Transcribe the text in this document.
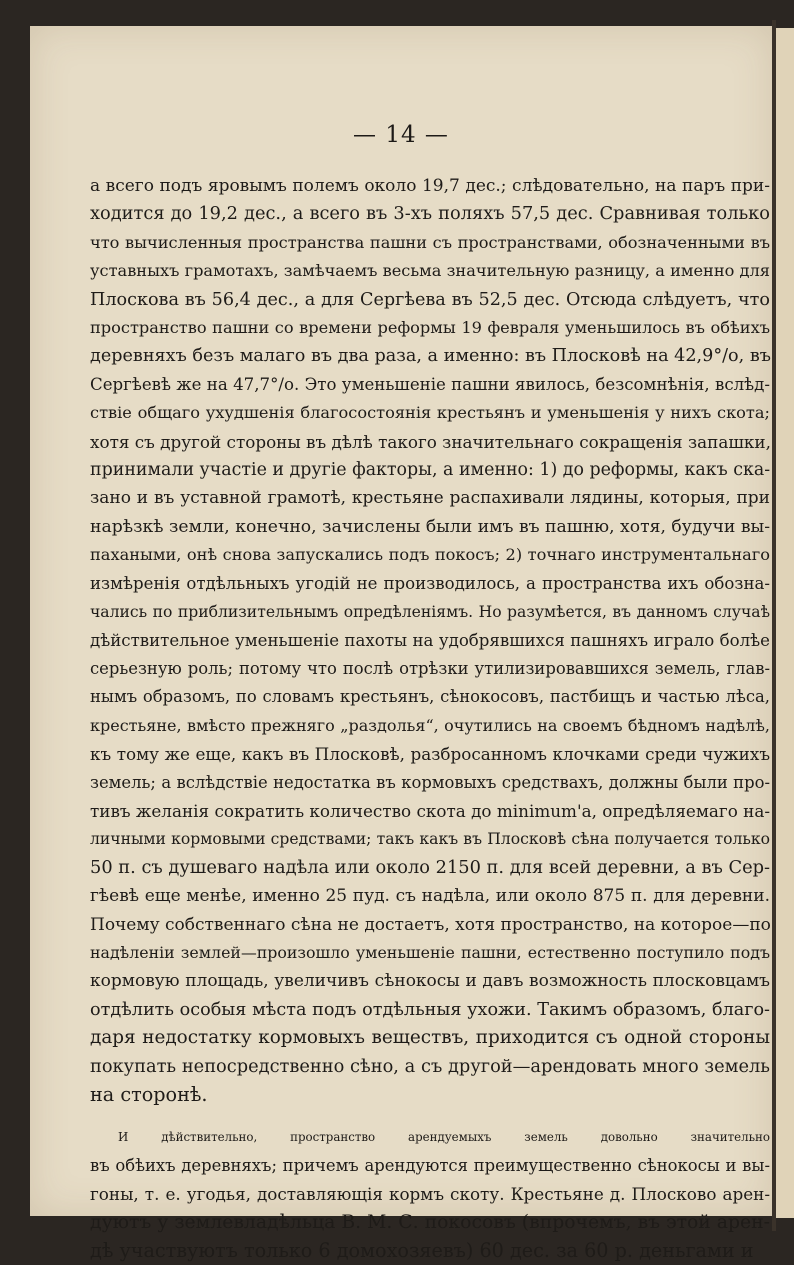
— 14 —
а всего подъ яровымъ полемъ около 19,7 дес.; слѣдовательно, на паръ при-
ходится до 19,2 дес., а всего въ 3-хъ поляхъ 57,5 дес. Сравнивая только
что вычисленныя пространства пашни съ пространствами, обозначенными въ
уставныхъ грамотахъ, замѣчаемъ весьма значительную разницу, а именно для
Плоскова въ 56,4 дес., а для Сергѣева въ 52,5 дес. Отсюда слѣдуетъ, что
пространство пашни со времени реформы 19 февраля уменьшилось въ обѣихъ
деревняхъ безъ малаго въ два раза, а именно: въ Плосковѣ на 42,9°/о, въ
Сергѣевѣ же на 47,7°/о. Это уменьшеніе пашни явилось, безсомнѣнія, вслѣд-
ствіе общаго ухудшенія благосостоянія крестьянъ и уменьшенія у нихъ скота;
хотя съ другой стороны въ дѣлѣ такого значительнаго сокращенія запашки,
принимали участіе и другіе факторы, а именно: 1) до реформы, какъ ска-
зано и въ уставной грамотѣ, крестьяне распахивали лядины, которыя, при
нарѣзкѣ земли, конечно, зачислены были имъ въ пашню, хотя, будучи вы-
пахаными, онѣ снова запускались подъ покосъ; 2) точнаго инструментальнаго
измѣренія отдѣльныхъ угодій не производилось, а пространства ихъ обозна-
чались по приблизительнымъ опредѣленіямъ. Но разумѣется, въ данномъ случаѣ
дѣйствительное уменьшеніе пахоты на удобрявшихся пашняхъ играло болѣе
серьезную роль; потому что послѣ отрѣзки утилизировавшихся земель, глав-
нымъ образомъ, по словамъ крестьянъ, сѣнокосовъ, пастбищъ и частью лѣса,
крестьяне, вмѣсто прежняго „раздолья“, очутились на своемъ бѣдномъ надѣлѣ,
къ тому же еще, какъ въ Плосковѣ, разбросанномъ клочками среди чужихъ
земель; а вслѣдствіе недостатка въ кормовыхъ средствахъ, должны были про-
тивъ желанія сократить количество скота до minimum'a, опредѣляемаго на-
личными кормовыми средствами; такъ какъ въ Плосковѣ сѣна получается только
50 п. съ душеваго надѣла или около 2150 п. для всей деревни, а въ Сер-
гѣевѣ еще менѣе, именно 25 пуд. съ надѣла, или около 875 п. для деревни.
Почему собственнаго сѣна не достаетъ, хотя пространство, на которое—по
надѣленіи землей—произошло уменьшеніе пашни, естественно поступило подъ
кормовую площадь, увеличивъ сѣнокосы и давъ возможность плосковцамъ
отдѣлить особыя мѣста подъ отдѣльныя ухожи. Такимъ образомъ, благо-
даря недостатку кормовыхъ веществъ, приходится съ одной стороны
покупать непосредственно сѣно, а съ другой—арендовать много земель
на сторонѣ.
И дѣйствительно, пространство арендуемыхъ земель довольно значительно
въ обѣихъ деревняхъ; причемъ арендуются преимущественно сѣнокосы и вы-
гоны, т. е. угодья, доставляющія кормъ скоту. Крестьяне д. Плосково арен-
дуютъ у землевладѣльца В. М. С. покосовъ (впрочемъ, въ этой арен-
дѣ участвуютъ только 6 домохозяевъ) 60 дес. за 60 р. деньгами и
